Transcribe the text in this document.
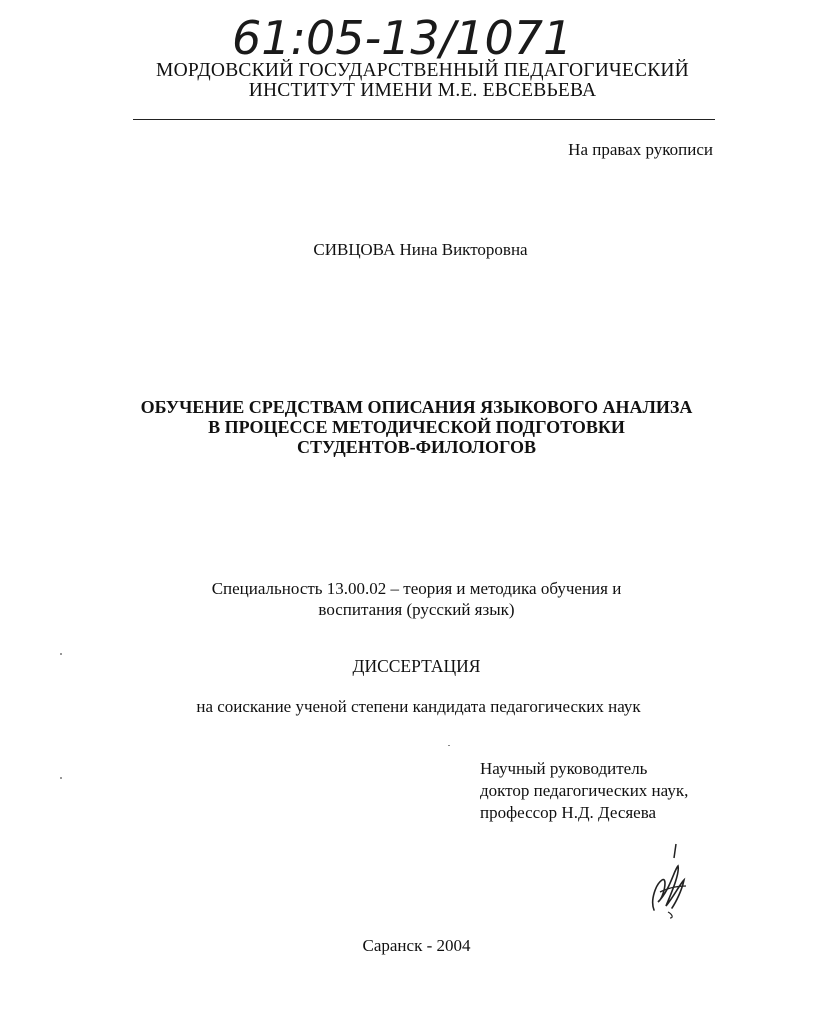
61:05-13/1071
МОРДОВСКИЙ ГОСУДАРСТВЕННЫЙ ПЕДАГОГИЧЕСКИЙ
ИНСТИТУТ ИМЕНИ М.Е. ЕВСЕВЬЕВА
На правах рукописи
СИВЦОВА Нина Викторовна
ОБУЧЕНИЕ СРЕДСТВАМ ОПИСАНИЯ ЯЗЫКОВОГО АНАЛИЗА
В ПРОЦЕССЕ МЕТОДИЧЕСКОЙ ПОДГОТОВКИ
СТУДЕНТОВ-ФИЛОЛОГОВ
Специальность 13.00.02 – теория и методика обучения и
воспитания (русский язык)
ДИССЕРТАЦИЯ
на соискание ученой степени кандидата педагогических наук
Научный руководитель
доктор педагогических наук,
профессор Н.Д. Десяева
Саранск - 2004
